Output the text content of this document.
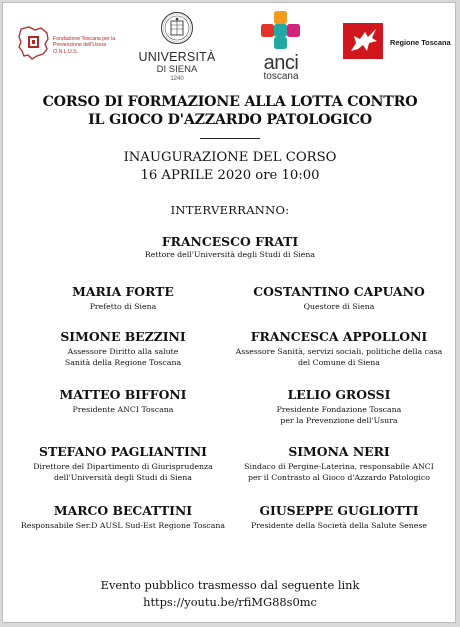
Fondazione Toscana per la
Prevenzione dell'Usura
O.N.L.U.S.	UNIVERSITÀ
DI SIENA
1240
anci
toscana
Regione Toscana
CORSO DI FORMAZIONE ALLA LOTTA CONTRO
IL GIOCO D'AZZARDO PATOLOGICO
INAUGURAZIONE DEL CORSO
16 APRILE 2020 ore 10:00
INTERVERRANNO:
FRANCESCO FRATI
Rettore dell'Università degli Studi di Siena
MARIA FORTE
Prefetto di Siena
COSTANTINO CAPUANO
Questore di Siena
SIMONE BEZZINI
Assessore Diritto alla salute
Sanità della Regione Toscana
FRANCESCA APPOLLONI
Assessore Sanità, servizi sociali, politiche della casa
del Comune di Siena
MATTEO BIFFONI
Presidente ANCI Toscana
LELIO GROSSI
Presidente Fondazione Toscana
per la Prevenzione dell'Usura
STEFANO PAGLIANTINI
Direttore del Dipartimento di Giurisprudenza
dell'Università degli Studi di Siena
SIMONA NERI
Sindaco di Pergine-Laterina, responsabile ANCI
per il Contrasto al Gioco d'Azzardo Patologico
MARCO BECATTINI
Responsabile Ser.D AUSL Sud-Est Regione Toscana
GIUSEPPE GUGLIOTTI
Presidente della Società della Salute Senese
Evento pubblico trasmesso dal seguente link
https://youtu.be/rfiMG88s0mc
